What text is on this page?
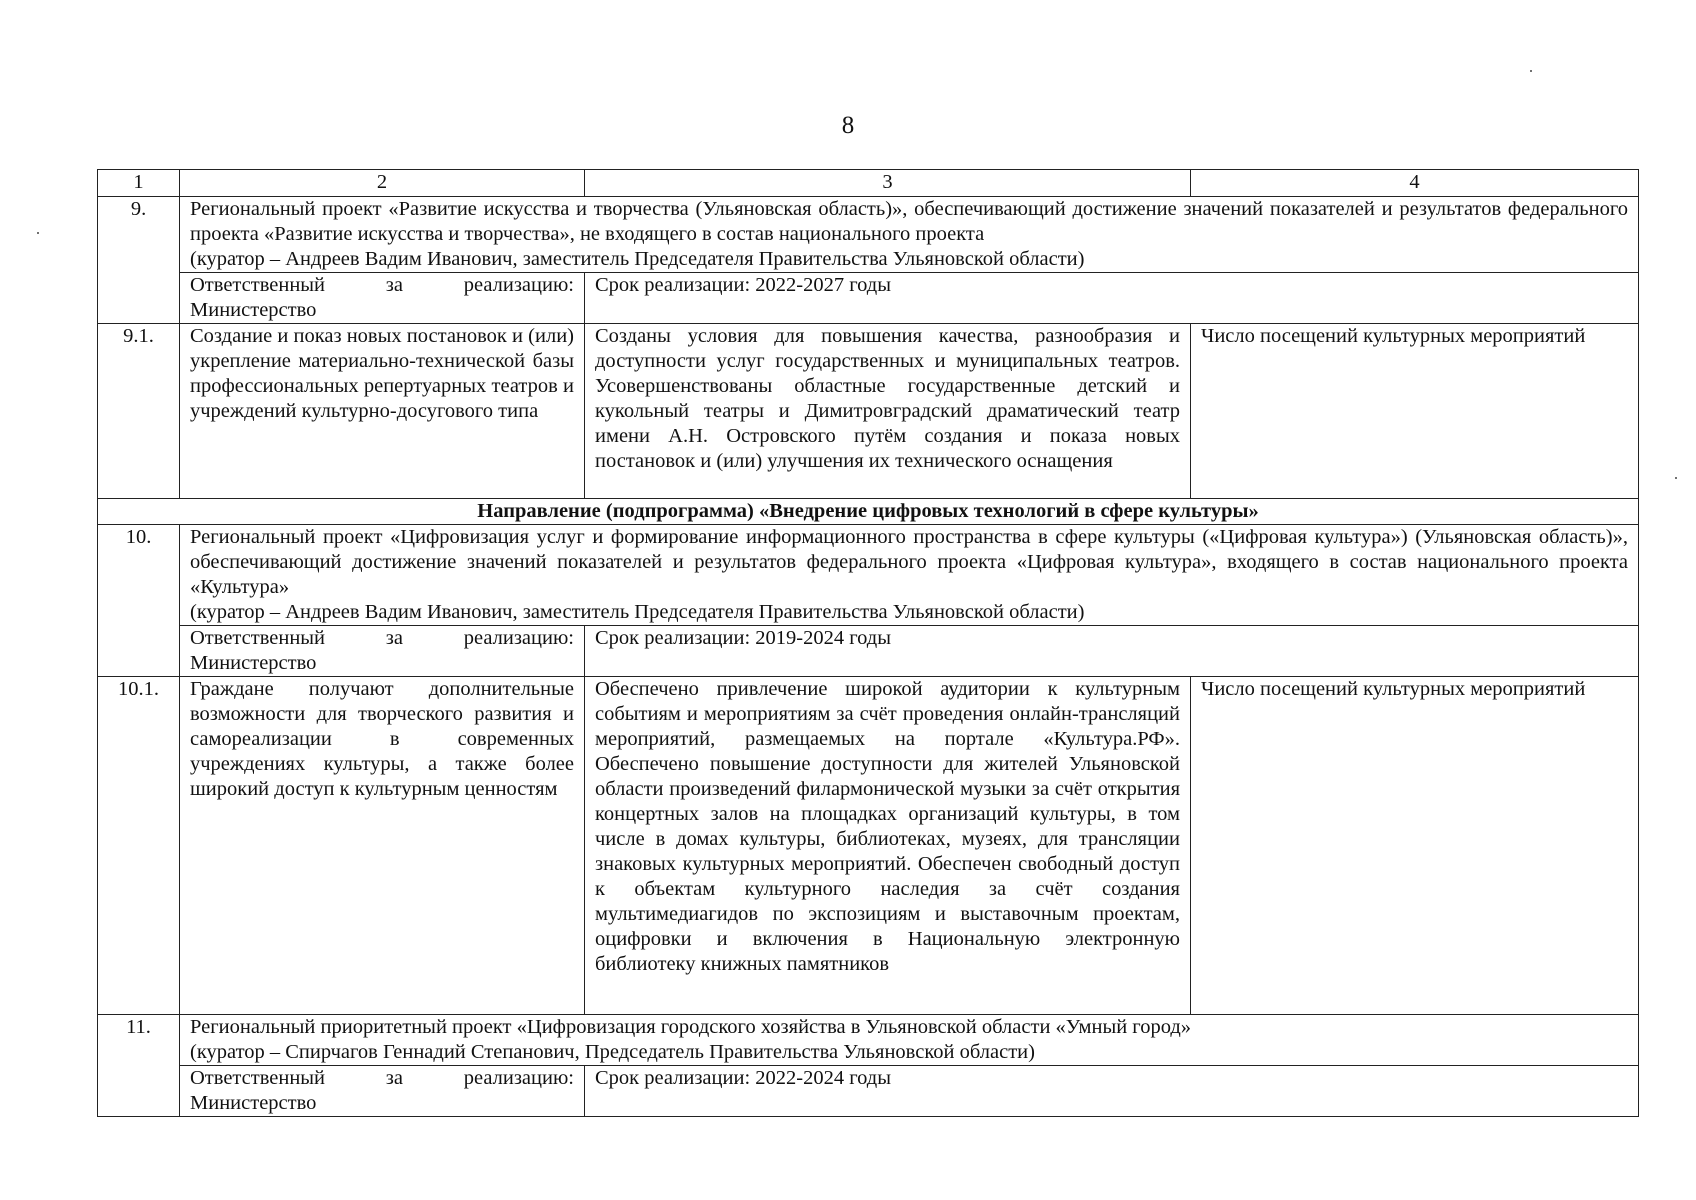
8
1	2	3	4
9.	Региональный проект «Развитие искусства и творчества (Ульяновская область)», обеспечивающий достижение значений показателей и результатов федерального проекта «Развитие искусства и творчества», не входящего в состав национального проекта
(куратор – Андреев Вадим Иванович, заместитель Председателя Правительства Ульяновской области)		

	Ответственный за реализацию: Министерство	Срок реализации: 2022-2027 годы	
9.1.	Создание и показ новых постановок и (или) укрепление материально-технической базы профессиональных репертуарных театров и учреждений культурно-досугового типа	Созданы условия для повышения качества, разнообразия и доступности услуг государственных и муниципальных театров. Усовершенствованы областные государственные детский и кукольный театры и Димитровградский драматический театр имени А.Н. Островского путём создания и показа новых постановок и (или) улучшения их технического оснащения	Число посещений культурных мероприятий
Направление (подпрограмма) «Внедрение цифровых технологий в сфере культуры»			
10.	Региональный проект «Цифровизация услуг и формирование информационного пространства в сфере культуры («Цифровая культура») (Ульяновская область)», обеспечивающий достижение значений показателей и результатов федерального проекта «Цифровая культура», входящего в состав национального проекта «Культура»
(куратор – Андреев Вадим Иванович, заместитель Председателя Правительства Ульяновской области)		

	Ответственный за реализацию: Министерство	Срок реализации: 2019-2024 годы	
10.1.	Граждане получают дополнительные возможности для творческого развития и самореализации в современных учреждениях культуры, а также более широкий доступ к культурным ценностям	Обеспечено привлечение широкой аудитории к культурным событиям и мероприятиям за счёт проведения онлайн-трансляций мероприятий, размещаемых на портале «Культура.РФ». Обеспечено повышение доступности для жителей Ульяновской области произведений филармонической музыки за счёт открытия концертных залов на площадках организаций культуры, в том числе в домах культуры, библиотеках, музеях, для трансляции знаковых культурных мероприятий. Обеспечен свободный доступ к объектам культурного наследия за счёт создания мультимедиагидов по экспозициям и выставочным проектам, оцифровки и включения в Национальную электронную библиотеку книжных памятников	Число посещений культурных мероприятий
11.	Региональный приоритетный проект «Цифровизация городского хозяйства в Ульяновской области «Умный город»
(куратор – Спирчагов Геннадий Степанович, Председатель Правительства Ульяновской области)		

	Ответственный за реализацию: Министерство	Срок реализации: 2022-2024 годы	
